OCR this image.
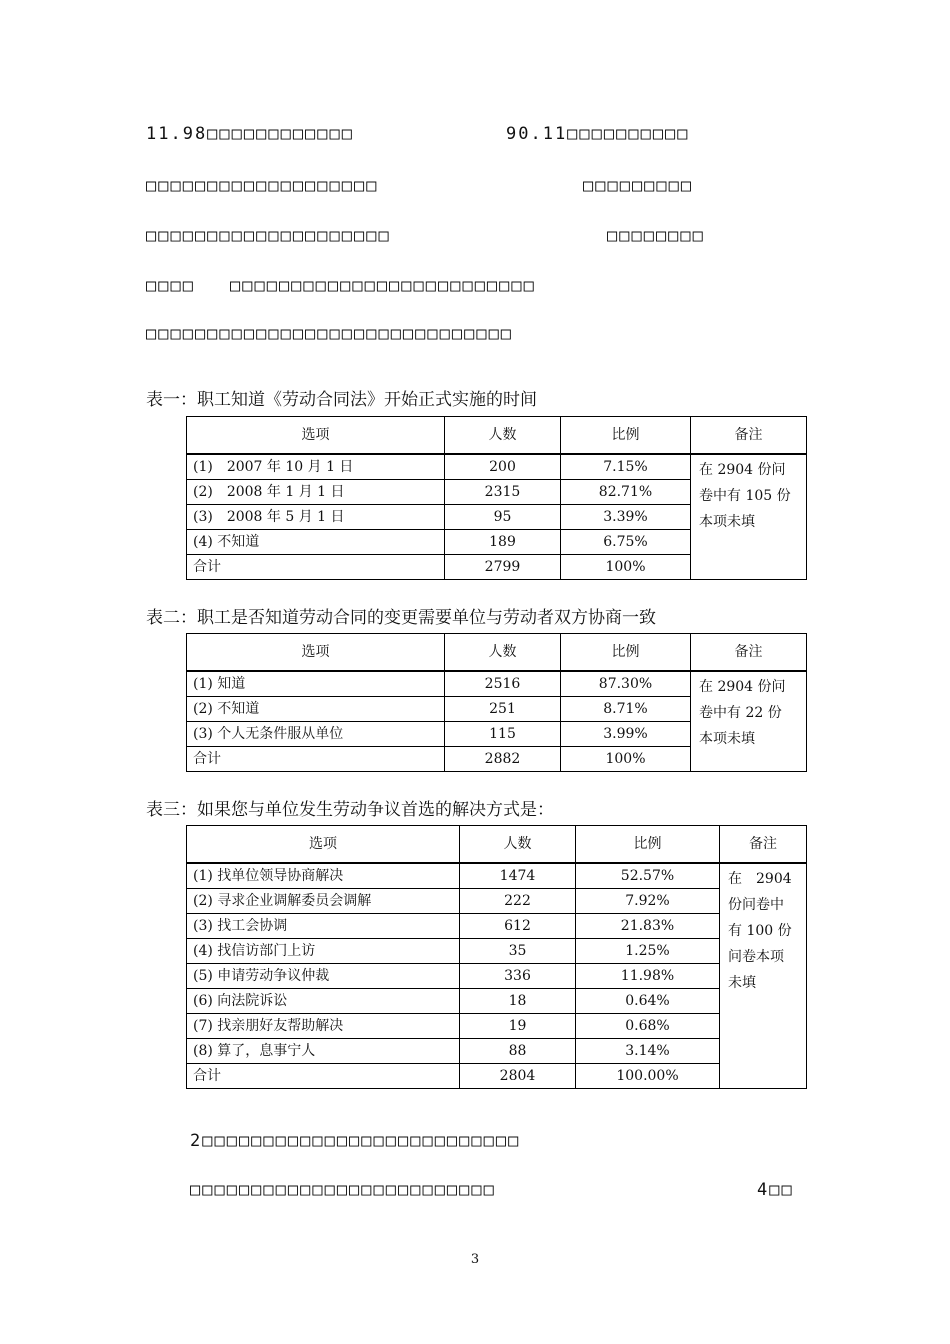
11.98□□□□□□□□□□□□	90.11□□□□□□□□□□
□□□□□□□□□□□□□□□□□□□	□□□□□□□□□
□□□□□□□□□□□□□□□□□□□□	□□□□□□□□
□□□□ □□□□□□□□□□□□□□□□□□□□□□□□□
□□□□□□□□□□□□□□□□□□□□□□□□□□□□□□
表一：职工知道《劳动合同法》开始正式实施的时间
选项	人数	比例	备注
(1)　2007 年 10 月 1 日	200	7.15%	在 2904 份问
卷中有 105 份
本项未填

(2)　2008 年 1 月 1 日	2315	82.71%	
(3)　2008 年 5 月 1 日	95	3.39%	
(4) 不知道	189	6.75%	
合计	2799	100%	
表二：职工是否知道劳动合同的变更需要单位与劳动者双方协商一致
选项	人数	比例	备注
(1) 知道	2516	87.30%	在 2904 份问
卷中有 22 份
本项未填

(2) 不知道	251	8.71%	
(3) 个人无条件服从单位	115	3.99%	
合计	2882	100%	
表三：如果您与单位发生劳动争议首选的解决方式是：
选项	人数	比例	备注
(1) 找单位领导协商解决	1474	52.57%	在　2904
份问卷中
有 100 份
问卷本项
未填

(2) 寻求企业调解委员会调解	222	7.92%	
(3) 找工会协调	612	21.83%	
(4) 找信访部门上访	35	1.25%	
(5) 申请劳动争议仲裁	336	11.98%	
(6) 向法院诉讼	18	0.64%	
(7) 找亲朋好友帮助解决	19	0.68%	
(8) 算了，息事宁人	88	3.14%	
合计	2804	100.00%	
2□□□□□□□□□□□□□□□□□□□□□□□□□□
□□□□□□□□□□□□□□□□□□□□□□□□□	4□□
3
